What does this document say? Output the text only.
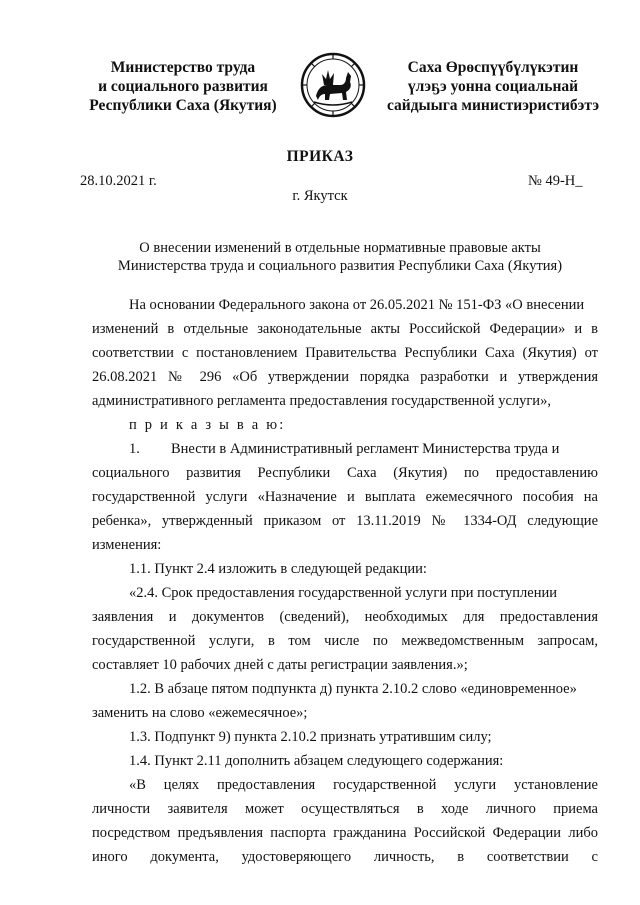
Министерство труда
и социального развития
Республики Саха (Якутия)
Саха Өрөспүүбүлүкэтин
үлэҕэ уонна социальнай
сайдыыга министиэристибэтэ
ПРИКАЗ
28.10.2021 г.	№ 49-Н_
г. Якутск
О внесении изменений в отдельные нормативные правовые акты
Министерства труда и социального развития Республики Саха (Якутия)
На основании Федерального закона от 26.05.2021 № 151-ФЗ «О внесении
изменений в отдельные законодательные акты Российской Федерации» и в
соответствии с постановлением Правительства Республики Саха (Якутия) от
26.08.2021 № 296 «Об утверждении порядка разработки и утверждения
административного регламента предоставления государственной услуги»,
п р и к а з ы в а ю:
1. Внести в Административный регламент Министерства труда и
социального развития Республики Саха (Якутия) по предоставлению
государственной услуги «Назначение и выплата ежемесячного пособия на
ребенка», утвержденный приказом от 13.11.2019 № 1334-ОД следующие
изменения:
1.1. Пункт 2.4 изложить в следующей редакции:
«2.4. Срок предоставления государственной услуги при поступлении
заявления и документов (сведений), необходимых для предоставления
государственной услуги, в том числе по межведомственным запросам,
составляет 10 рабочих дней с даты регистрации заявления.»;
1.2. В абзаце пятом подпункта д) пункта 2.10.2 слово «единовременное»
заменить на слово «ежемесячное»;
1.3. Подпункт 9) пункта 2.10.2 признать утратившим силу;
1.4. Пункт 2.11 дополнить абзацем следующего содержания:
«В целях предоставления государственной услуги установление
личности заявителя может осуществляться в ходе личного приема
посредством предъявления паспорта гражданина Российской Федерации либо
иного документа, удостоверяющего личность, в соответствии с
